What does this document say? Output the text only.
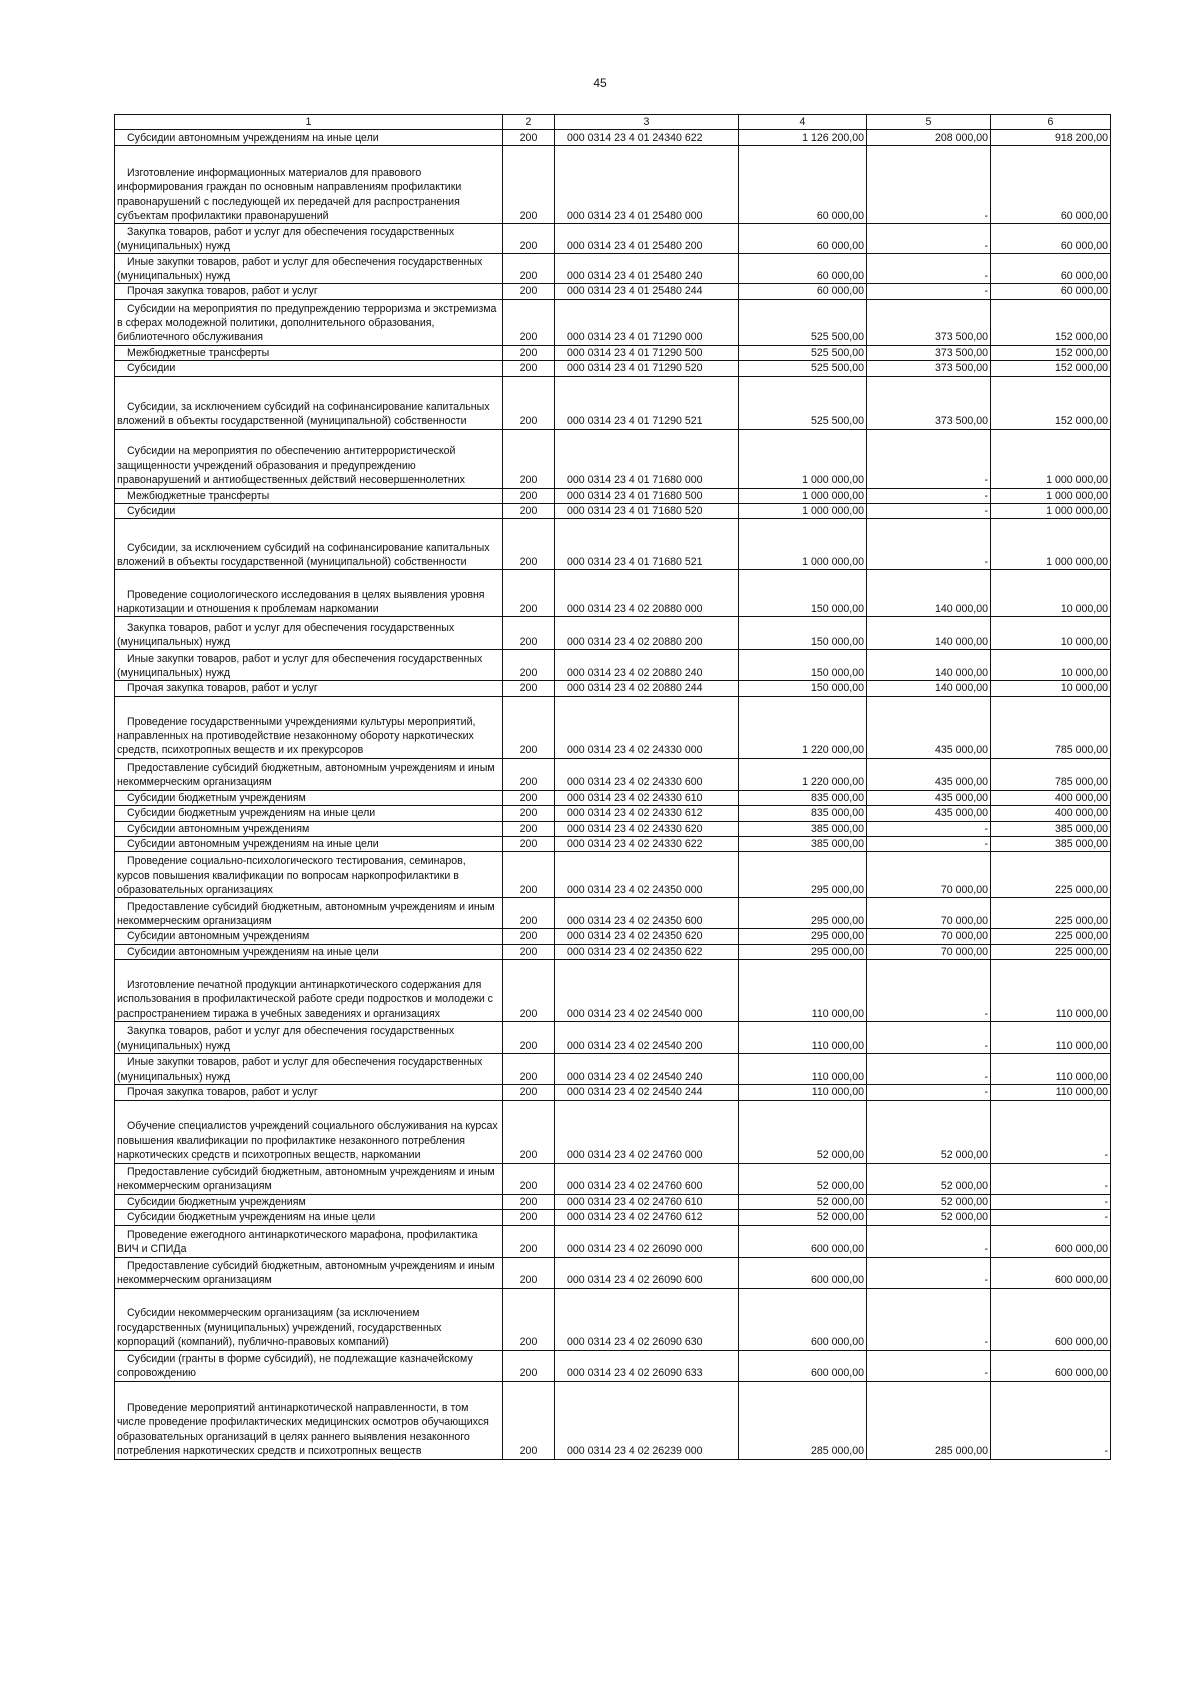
45
1	2	3	4	5	6

Субсидии автономным учреждениям на иные цели	200	000 0314 23 4 01 24340 622	1 126 200,00	208 000,00	918 200,00

Изготовление информационных материалов для правового информирования граждан по основным направлениям профилактики правонарушений с последующей их передачей для распространения субъектам профилактики правонарушений	200	000 0314 23 4 01 25480 000	60 000,00	-	60 000,00

Закупка товаров, работ и услуг для обеспечения государственных (муниципальных) нужд	200	000 0314 23 4 01 25480 200	60 000,00	-	60 000,00

Иные закупки товаров, работ и услуг для обеспечения государственных (муниципальных) нужд	200	000 0314 23 4 01 25480 240	60 000,00	-	60 000,00

Прочая закупка товаров, работ и услуг	200	000 0314 23 4 01 25480 244	60 000,00	-	60 000,00

Субсидии на мероприятия по предупреждению терроризма и экстремизма в сферах молодежной политики, дополнительного образования, библиотечного обслуживания	200	000 0314 23 4 01 71290 000	525 500,00	373 500,00	152 000,00

Межбюджетные трансферты	200	000 0314 23 4 01 71290 500	525 500,00	373 500,00	152 000,00

Субсидии	200	000 0314 23 4 01 71290 520	525 500,00	373 500,00	152 000,00

Субсидии, за исключением субсидий на софинансирование капитальных вложений в объекты государственной (муниципальной) собственности	200	000 0314 23 4 01 71290 521	525 500,00	373 500,00	152 000,00

Субсидии на мероприятия по обеспечению антитеррористической защищенности учреждений образования и предупреждению правонарушений и антиобщественных действий несовершеннолетних	200	000 0314 23 4 01 71680 000	1 000 000,00	-	1 000 000,00

Межбюджетные трансферты	200	000 0314 23 4 01 71680 500	1 000 000,00	-	1 000 000,00

Субсидии	200	000 0314 23 4 01 71680 520	1 000 000,00	-	1 000 000,00

Субсидии, за исключением субсидий на софинансирование капитальных вложений в объекты государственной (муниципальной) собственности	200	000 0314 23 4 01 71680 521	1 000 000,00	-	1 000 000,00

Проведение социологического исследования в целях выявления уровня наркотизации и отношения к проблемам наркомании	200	000 0314 23 4 02 20880 000	150 000,00	140 000,00	10 000,00

Закупка товаров, работ и услуг для обеспечения государственных (муниципальных) нужд	200	000 0314 23 4 02 20880 200	150 000,00	140 000,00	10 000,00

Иные закупки товаров, работ и услуг для обеспечения государственных (муниципальных) нужд	200	000 0314 23 4 02 20880 240	150 000,00	140 000,00	10 000,00

Прочая закупка товаров, работ и услуг	200	000 0314 23 4 02 20880 244	150 000,00	140 000,00	10 000,00

Проведение государственными учреждениями культуры мероприятий, направленных на противодействие незаконному обороту наркотических средств, психотропных веществ и их прекурсоров	200	000 0314 23 4 02 24330 000	1 220 000,00	435 000,00	785 000,00

Предоставление субсидий бюджетным, автономным учреждениям и иным некоммерческим организациям	200	000 0314 23 4 02 24330 600	1 220 000,00	435 000,00	785 000,00

Субсидии бюджетным учреждениям	200	000 0314 23 4 02 24330 610	835 000,00	435 000,00	400 000,00

Субсидии бюджетным учреждениям на иные цели	200	000 0314 23 4 02 24330 612	835 000,00	435 000,00	400 000,00

Субсидии автономным учреждениям	200	000 0314 23 4 02 24330 620	385 000,00	-	385 000,00

Субсидии автономным учреждениям на иные цели	200	000 0314 23 4 02 24330 622	385 000,00	-	385 000,00

Проведение социально-психологического тестирования, семинаров, курсов повышения квалификации по вопросам наркопрофилактики в образовательных организациях	200	000 0314 23 4 02 24350 000	295 000,00	70 000,00	225 000,00

Предоставление субсидий бюджетным, автономным учреждениям и иным некоммерческим организациям	200	000 0314 23 4 02 24350 600	295 000,00	70 000,00	225 000,00

Субсидии автономным учреждениям	200	000 0314 23 4 02 24350 620	295 000,00	70 000,00	225 000,00

Субсидии автономным учреждениям на иные цели	200	000 0314 23 4 02 24350 622	295 000,00	70 000,00	225 000,00

Изготовление печатной продукции антинаркотического содержания для использования в профилактической работе среди подростков и молодежи с распространением тиража в учебных заведениях и организациях	200	000 0314 23 4 02 24540 000	110 000,00	-	110 000,00

Закупка товаров, работ и услуг для обеспечения государственных (муниципальных) нужд	200	000 0314 23 4 02 24540 200	110 000,00	-	110 000,00

Иные закупки товаров, работ и услуг для обеспечения государственных (муниципальных) нужд	200	000 0314 23 4 02 24540 240	110 000,00	-	110 000,00

Прочая закупка товаров, работ и услуг	200	000 0314 23 4 02 24540 244	110 000,00	-	110 000,00

Обучение специалистов учреждений социального обслуживания на курсах повышения квалификации по профилактике незаконного потребления наркотических средств и психотропных веществ, наркомании	200	000 0314 23 4 02 24760 000	52 000,00	52 000,00	-

Предоставление субсидий бюджетным, автономным учреждениям и иным некоммерческим организациям	200	000 0314 23 4 02 24760 600	52 000,00	52 000,00	-

Субсидии бюджетным учреждениям	200	000 0314 23 4 02 24760 610	52 000,00	52 000,00	-

Субсидии бюджетным учреждениям на иные цели	200	000 0314 23 4 02 24760 612	52 000,00	52 000,00	-

Проведение ежегодного антинаркотического марафона, профилактика ВИЧ и СПИДа	200	000 0314 23 4 02 26090 000	600 000,00	-	600 000,00

Предоставление субсидий бюджетным, автономным учреждениям и иным некоммерческим организациям	200	000 0314 23 4 02 26090 600	600 000,00	-	600 000,00

Субсидии некоммерческим организациям (за исключением государственных (муниципальных) учреждений, государственных корпораций (компаний), публично-правовых компаний)	200	000 0314 23 4 02 26090 630	600 000,00	-	600 000,00

Субсидии (гранты в форме субсидий), не подлежащие казначейскому сопровождению	200	000 0314 23 4 02 26090 633	600 000,00	-	600 000,00

Проведение мероприятий антинаркотической направленности, в том числе проведение профилактических медицинских осмотров обучающихся образовательных организаций в целях раннего выявления незаконного потребления наркотических средств и психотропных веществ	200	000 0314 23 4 02 26239 000	285 000,00	285 000,00	-
